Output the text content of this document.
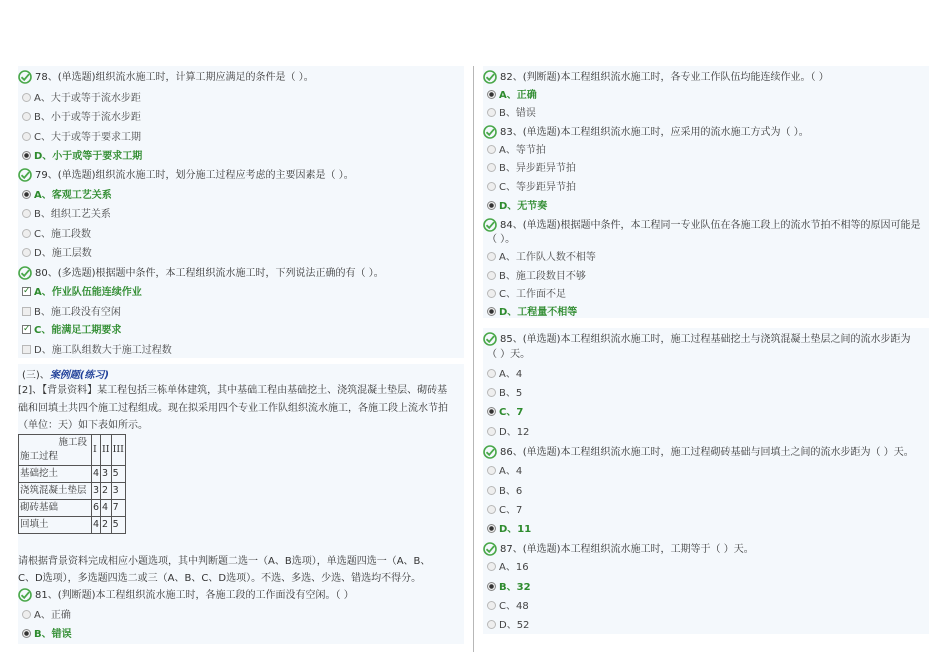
78、(单选题)组织流水施工时，计算工期应满足的条件是（ ）。
A、大于或等于流水步距
B、小于或等于流水步距
C、大于或等于要求工期
D、小于或等于要求工期
79、(单选题)组织流水施工时，划分施工过程应考虑的主要因素是（ ）。
A、客观工艺关系
B、组织工艺关系
C、施工段数
D、施工层数
80、(多选题)根据题中条件，本工程组织流水施工时，下列说法正确的有（ ）。
✓A、作业队伍能连续作业
B、施工段没有空闲
✓C、能满足工期要求
D、施工队组数大于施工过程数
(三)、案例题(练习)
[2]、【背景资料】某工程包括三栋单体建筑，其中基础工程由基础挖土、浇筑混凝土垫层、砌砖基
础和回填土共四个施工过程组成。现在拟采用四个专业工作队组织流水施工，各施工段上流水节拍
（单位：天）如下表如所示。
施工段
施工过程	I	II	III
基础挖土	4	3	5
浇筑混凝土垫层	3	2	3
砌砖基础	6	4	7
回填土	4	2	5
请根据背景资料完成相应小题选项，其中判断题二选一（A、B选项），单选题四选一（A、B、
C、D选项），多选题四选二或三（A、B、C、D选项）。不选、多选、少选、错选均不得分。
81、(判断题)本工程组织流水施工时，各施工段的工作面没有空闲。（ ）
A、正确
B、错误
82、(判断题)本工程组织流水施工时，各专业工作队伍均能连续作业。（ ）
A、正确
B、错误
83、(单选题)本工程组织流水施工时，应采用的流水施工方式为（ ）。
A、等节拍
B、异步距异节拍
C、等步距异节拍
D、无节奏
84、(单选题)根据题中条件，本工程同一专业队伍在各施工段上的流水节拍不相等的原因可能是
（ ）。
A、工作队人数不相等
B、施工段数目不够
C、工作面不足
D、工程量不相等
85、(单选题)本工程组织流水施工时，施工过程基础挖土与浇筑混凝土垫层之间的流水步距为
（ ）天。
A、4
B、5
C、7
D、12
86、(单选题)本工程组织流水施工时，施工过程砌砖基础与回填土之间的流水步距为（ ）天。
A、4
B、6
C、7
D、11
87、(单选题)本工程组织流水施工时，工期等于（ ）天。
A、16
B、32
C、48
D、52
